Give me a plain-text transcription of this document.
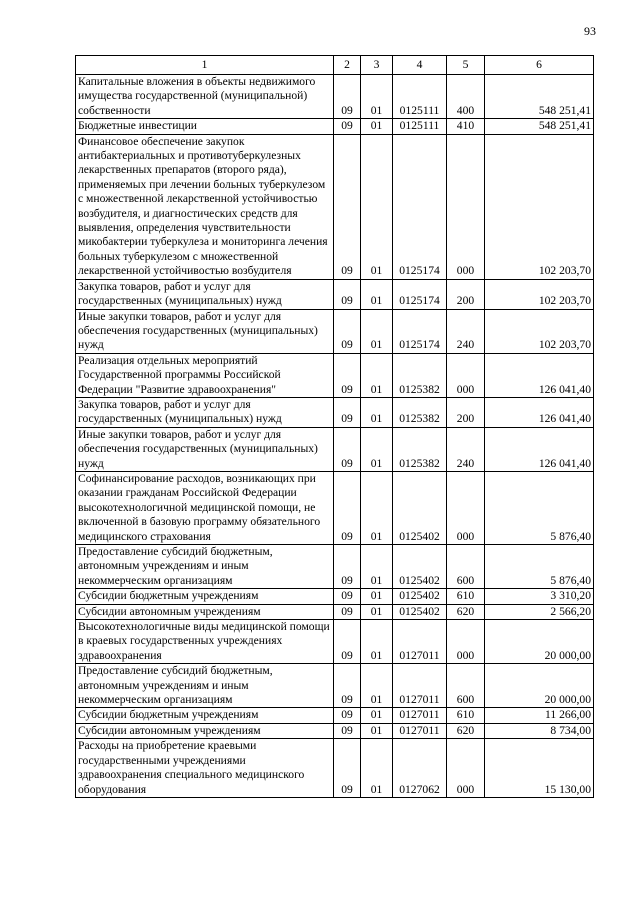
93
1	2	3	4	5	6
Капитальные вложения в объекты недвижимого имущества государственной (муниципальной) собственности	09	01	0125111	400	548 251,41
Бюджетные инвестиции	09	01	0125111	410	548 251,41
Финансовое обеспечение закупок антибактериальных и противотуберкулезных лекарственных препаратов (второго ряда), применяемых при лечении больных туберкулезом с множественной лекарственной устойчивостью возбудителя, и диагностических средств для выявления, определения чувствительности микобактерии туберкулеза и мониторинга лечения больных туберкулезом с множественной лекарственной устойчивостью возбудителя	09	01	0125174	000	102 203,70
Закупка товаров, работ и услуг для государственных (муниципальных) нужд	09	01	0125174	200	102 203,70
Иные закупки товаров, работ и услуг для обеспечения государственных (муниципальных) нужд	09	01	0125174	240	102 203,70
Реализация отдельных мероприятий Государственной программы Российской Федерации "Развитие здравоохранения"	09	01	0125382	000	126 041,40
Закупка товаров, работ и услуг для государственных (муниципальных) нужд	09	01	0125382	200	126 041,40
Иные закупки товаров, работ и услуг для обеспечения государственных (муниципальных) нужд	09	01	0125382	240	126 041,40
Софинансирование расходов, возникающих при оказании гражданам Российской Федерации высокотехнологичной медицинской помощи, не включенной в базовую программу обязательного медицинского страхования	09	01	0125402	000	5 876,40
Предоставление субсидий бюджетным, автономным учреждениям и иным некоммерческим организациям	09	01	0125402	600	5 876,40
Субсидии бюджетным учреждениям	09	01	0125402	610	3 310,20
Субсидии автономным учреждениям	09	01	0125402	620	2 566,20
Высокотехнологичные виды медицинской помощи в краевых государственных учреждениях здравоохранения	09	01	0127011	000	20 000,00
Предоставление субсидий бюджетным, автономным учреждениям и иным некоммерческим организациям	09	01	0127011	600	20 000,00
Субсидии бюджетным учреждениям	09	01	0127011	610	11 266,00
Субсидии автономным учреждениям	09	01	0127011	620	8 734,00
Расходы на приобретение краевыми государственными учреждениями здравоохранения специального медицинского оборудования	09	01	0127062	000	15 130,00
